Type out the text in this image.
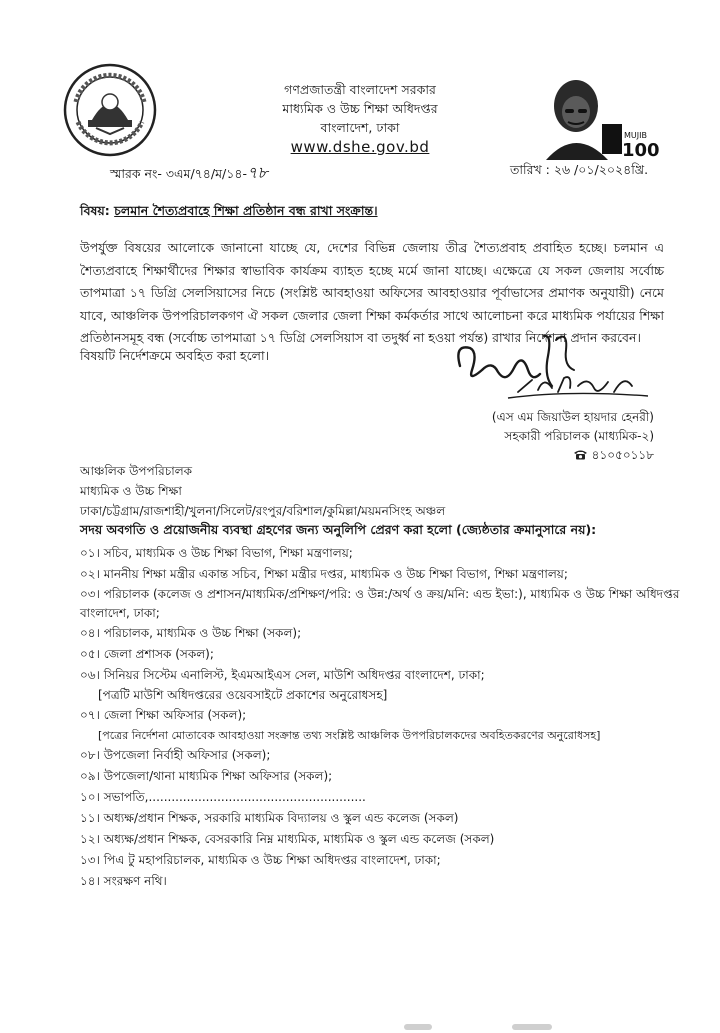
গণপ্রজাতন্ত্রী বাংলাদেশ সরকার
মাধ্যমিক ও উচ্চ শিক্ষা অধিদপ্তর
বাংলাদেশ, ঢাকা
www.dshe.gov.bd
MUJIB
100
স্মারক নং- ৩এম/৭৪/ম/১৪-৭৮	তারিখ : ২৬ /০১/২০২৪খ্রি.
বিষয়: চলমান শৈত্যপ্রবাহে শিক্ষা প্রতিষ্ঠান বন্ধ রাখা সংক্রান্ত।
উপর্যুক্ত বিষয়ের আলোকে জানানো যাচ্ছে যে, দেশের বিভিন্ন জেলায় তীব্র শৈত্যপ্রবাহ প্রবাহিত হচ্ছে। চলমান এ শৈত্যপ্রবাহে শিক্ষার্থীদের শিক্ষার স্বাভাবিক কার্যক্রম ব্যাহত হচ্ছে মর্মে জানা যাচ্ছে। এক্ষেত্রে যে সকল জেলায় সর্বোচ্চ তাপমাত্রা ১৭ ডিগ্রি সেলসিয়াসের নিচে (সংশ্লিষ্ট আবহাওয়া অফিসের আবহাওয়ার পূর্বাভাসের প্রমাণক অনুযায়ী) নেমে যাবে, আঞ্চলিক উপপরিচালকগণ ঐ সকল জেলার জেলা শিক্ষা কর্মকর্তার সাথে আলোচনা করে মাধ্যমিক পর্যায়ের শিক্ষা প্রতিষ্ঠানসমূহ বন্ধ (সর্বোচ্চ তাপমাত্রা ১৭ ডিগ্রি সেলসিয়াস বা তদুর্ধ্ব না হওয়া পর্যন্ত) রাখার নির্দেশনা প্রদান করবেন।
বিষয়টি নির্দেশক্রমে অবহিত করা হলো।
(এস এম জিয়াউল হায়দার হেনরী)
সহকারী পরিচালক (মাধ্যমিক-২)
৪১০৫০১১৮
আঞ্চলিক উপপরিচালক
মাধ্যমিক ও উচ্চ শিক্ষা
ঢাকা/চট্টগ্রাম/রাজশাহী/খুলনা/সিলেট/রংপুর/বরিশাল/কুমিল্লা/ময়মনসিংহ অঞ্চল
সদয় অবগতি ও প্রয়োজনীয় ব্যবস্থা গ্রহণের জন্য অনুলিপি প্রেরণ করা হলো (জ্যেষ্ঠতার ক্রমানুসারে নয়):
০১। সচিব, মাধ্যমিক ও উচ্চ শিক্ষা বিভাগ, শিক্ষা মন্ত্রণালয়;
০২। মাননীয় শিক্ষা মন্ত্রীর একান্ত সচিব, শিক্ষা মন্ত্রীর দপ্তর, মাধ্যমিক ও উচ্চ শিক্ষা বিভাগ, শিক্ষা মন্ত্রণালয়;
০৩। পরিচালক (কলেজ ও প্রশাসন/মাধ্যমিক/প্রশিক্ষণ/পরি: ও উন্ন:/অর্থ ও ক্রয়/মনি: এন্ড ইভা:), মাধ্যমিক ও উচ্চ শিক্ষা অধিদপ্তর বাংলাদেশ, ঢাকা;
০৪। পরিচালক, মাধ্যমিক ও উচ্চ শিক্ষা (সকল);
০৫। জেলা প্রশাসক (সকল);
০৬। সিনিয়র সিস্টেম এনালিস্ট, ইএমআইএস সেল, মাউশি অধিদপ্তর বাংলাদেশ, ঢাকা;
[পত্রটি মাউশি অধিদপ্তরের ওয়েবসাইটে প্রকাশের অনুরোধসহ]
০৭। জেলা শিক্ষা অফিসার (সকল);
[পত্রের নির্দেশনা মোতাবেক আবহাওয়া সংক্রান্ত তথ্য সংশ্লিষ্ট আঞ্চলিক উপপরিচালকদের অবহিতকরণের অনুরোধসহ]
০৮। উপজেলা নির্বাহী অফিসার (সকল);
০৯। উপজেলা/থানা মাধ্যমিক শিক্ষা অফিসার (সকল);
১০। সভাপতি,.........................................................
১১। অধ্যক্ষ/প্রধান শিক্ষক, সরকারি মাধ্যমিক বিদ্যালয় ও স্কুল এন্ড কলেজ (সকল)
১২। অধ্যক্ষ/প্রধান শিক্ষক, বেসরকারি নিম্ন মাধ্যমিক, মাধ্যমিক ও স্কুল এন্ড কলেজ (সকল)
১৩। পিএ টু মহাপরিচালক, মাধ্যমিক ও উচ্চ শিক্ষা অধিদপ্তর বাংলাদেশ, ঢাকা;
১৪। সংরক্ষণ নথি।
